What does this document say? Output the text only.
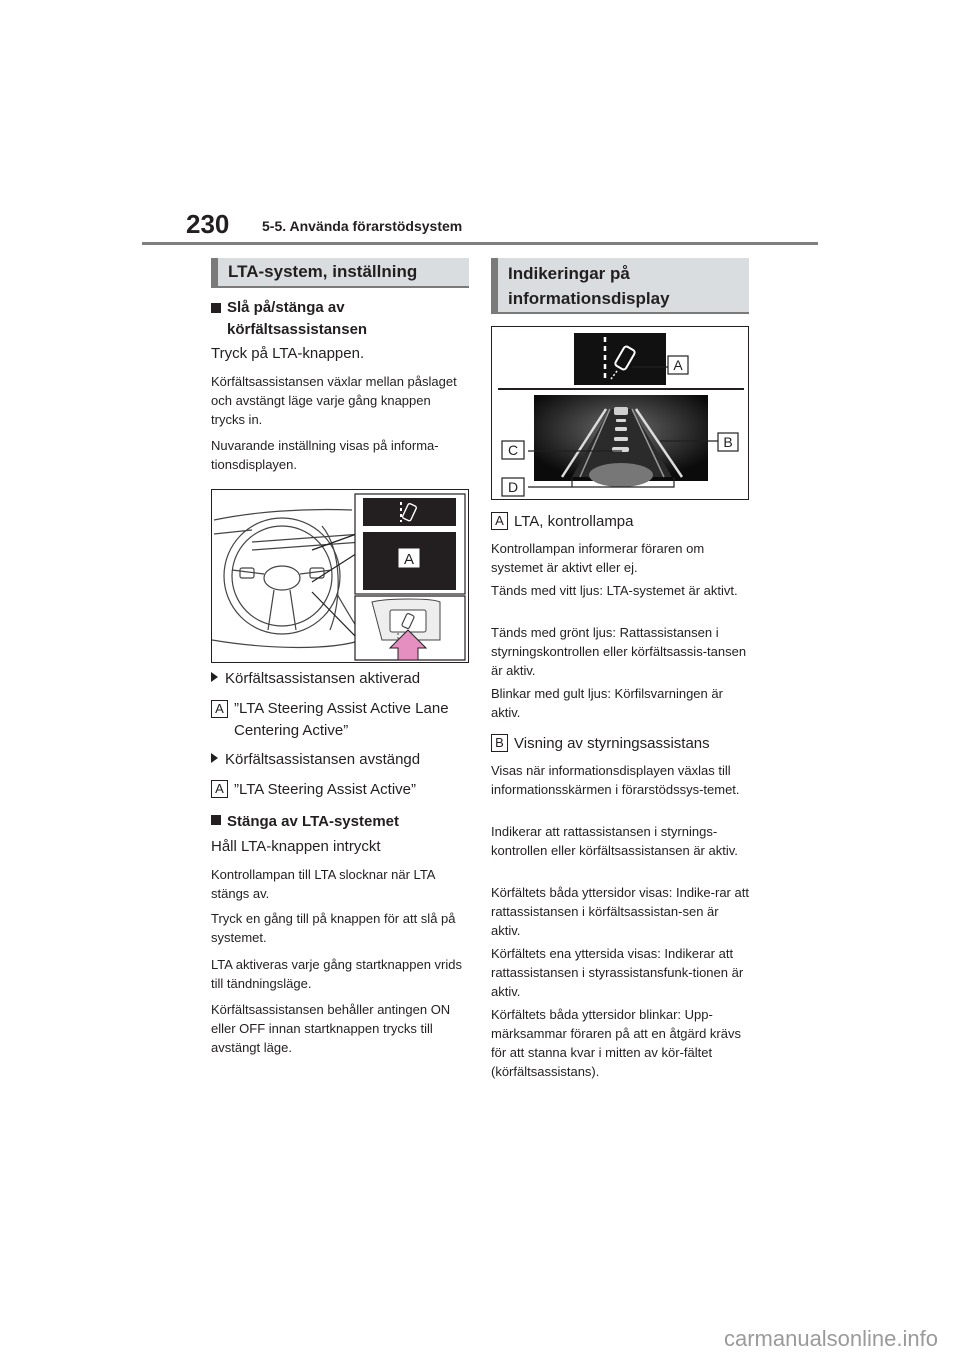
230 5-5. Använda förarstödsystem
LTA-system, inställning
Slå på/stänga av körfältsassistansen
Tryck på LTA-knappen.
Körfältsassistansen växlar mellan påslaget och avstängt läge varje gång knappen trycks in.
Nuvarande inställning visas på informa-tionsdisplayen.
A
Körfältsassistansen aktiverad
A ”LTA Steering Assist Active Lane Centering Active”
Körfältsassistansen avstängd
A ”LTA Steering Assist Active”
Stänga av LTA-systemet
Håll LTA-knappen intryckt
Kontrollampan till LTA slocknar när LTA stängs av.
Tryck en gång till på knappen för att slå på systemet.
LTA aktiveras varje gång startknappen vrids till tändningsläge.
Körfältsassistansen behåller antingen ON eller OFF innan startknappen trycks till avstängt läge.
Indikeringar på
informationsdisplay
A
B
C
D
A LTA, kontrollampa
Kontrollampan informerar föraren om systemet är aktivt eller ej.
Tänds med vitt ljus: LTA-systemet är aktivt.
Tänds med grönt ljus: Rattassistansen i styrningskontrollen eller körfältsassis-tansen är aktiv.
Blinkar med gult ljus: Körfilsvarningen är aktiv.
B Visning av styrningsassistans
Visas när informationsdisplayen växlas till informationsskärmen i förarstödssys-temet.
Indikerar att rattassistansen i styrnings-kontrollen eller körfältsassistansen är aktiv.
Körfältets båda yttersidor visas: Indike-rar att rattassistansen i körfältsassistan-sen är aktiv.
Körfältets ena yttersida visas: Indikerar att rattassistansen i styrassistansfunk-tionen är aktiv.
Körfältets båda yttersidor blinkar: Upp-märksammar föraren på att en åtgärd krävs för att stanna kvar i mitten av kör-fältet (körfältsassistans).
carmanualsonline.info
